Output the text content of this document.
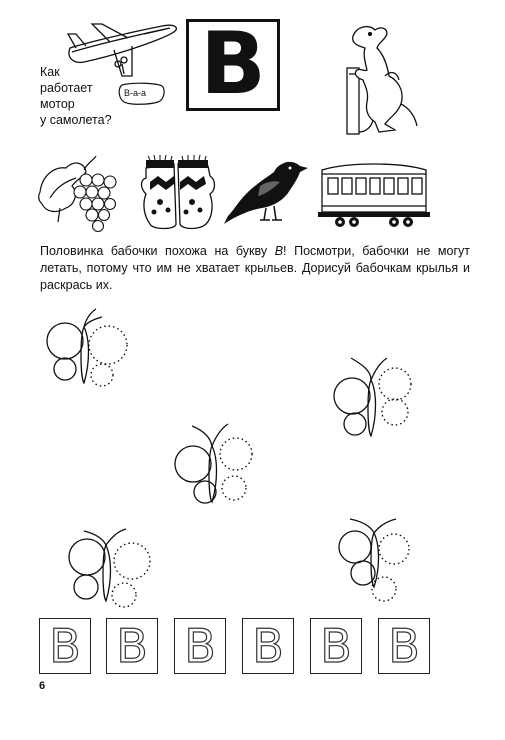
Как
работает
мотор
у самолета?
B-a-a B
Половинка бабочки похожа на букву В! Посмотри, бабочки не могут летать, потому что им не хватает крыльев. Дорисуй бабочкам крылья и раскрась их.
B B B B B B
6
